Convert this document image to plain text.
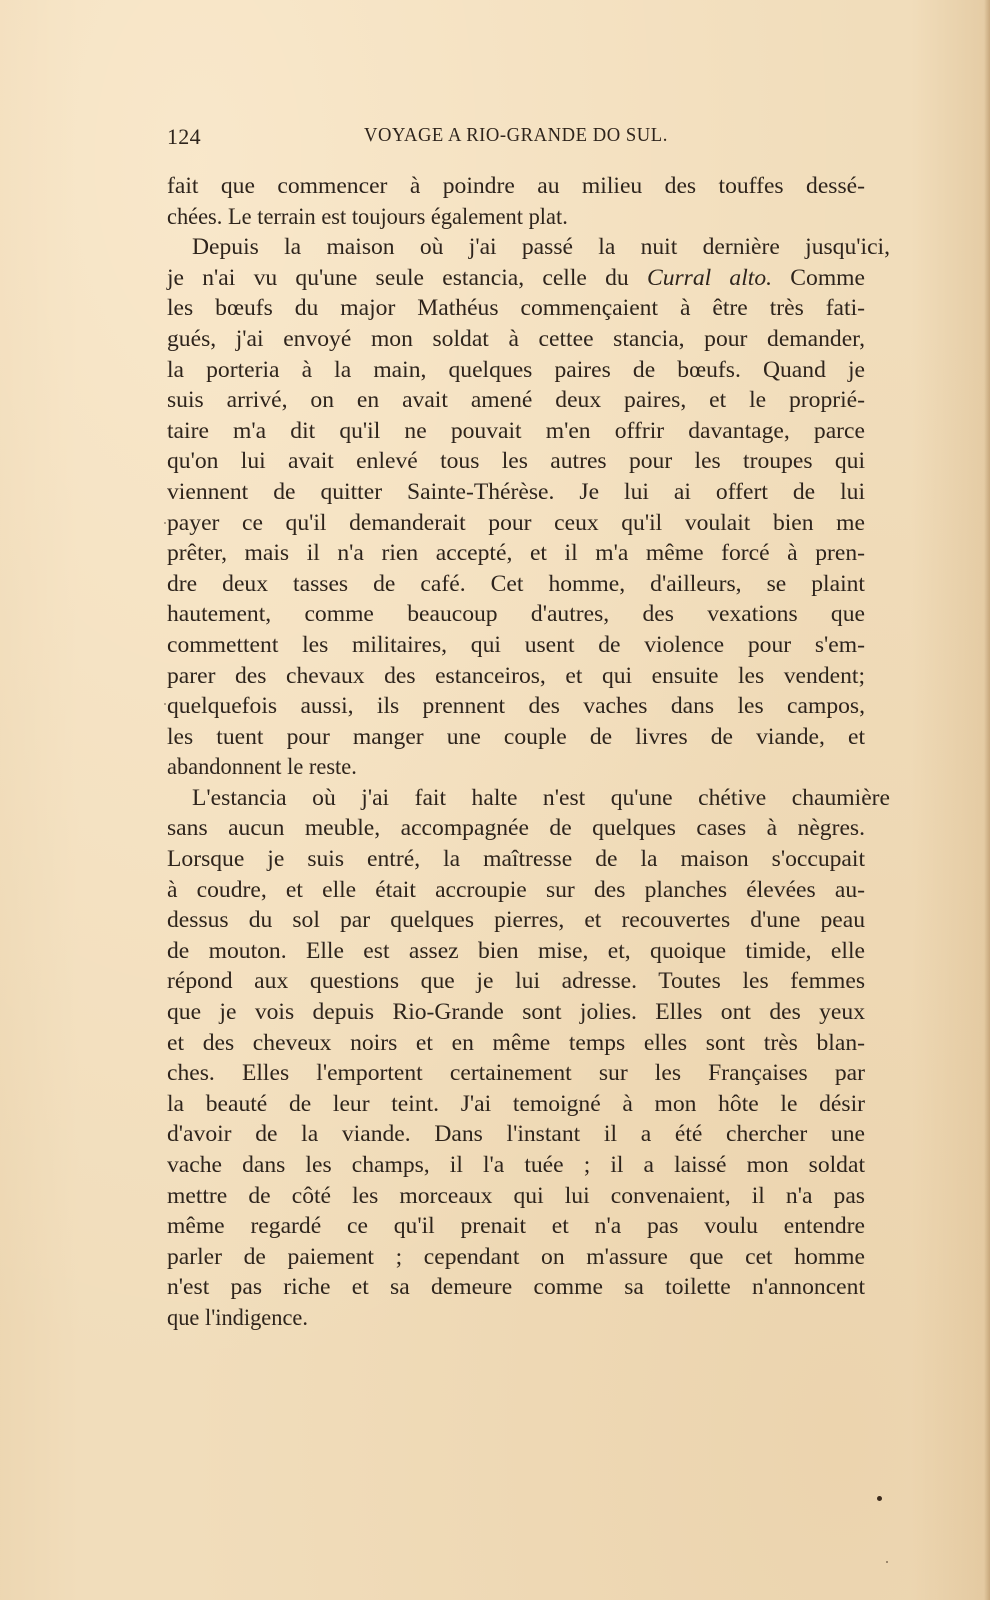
124	VOYAGE A RIO-GRANDE DO SUL.
fait que commencer à poindre au milieu des touffes dessé-
chées. Le terrain est toujours également plat.
Depuis la maison où j'ai passé la nuit dernière jusqu'ici,
je n'ai vu qu'une seule estancia, celle du Curral alto. Comme
les bœufs du major Mathéus commençaient à être très fati-
gués, j'ai envoyé mon soldat à cettee stancia, pour demander,
la porteria à la main, quelques paires de bœufs. Quand je
suis arrivé, on en avait amené deux paires, et le proprié-
taire m'a dit qu'il ne pouvait m'en offrir davantage, parce
qu'on lui avait enlevé tous les autres pour les troupes qui
viennent de quitter Sainte-Thérèse. Je lui ai offert de lui
payer ce qu'il demanderait pour ceux qu'il voulait bien me
prêter, mais il n'a rien accepté, et il m'a même forcé à pren-
dre deux tasses de café. Cet homme, d'ailleurs, se plaint
hautement, comme beaucoup d'autres, des vexations que
commettent les militaires, qui usent de violence pour s'em-
parer des chevaux des estanceiros, et qui ensuite les vendent;
quelquefois aussi, ils prennent des vaches dans les campos,
les tuent pour manger une couple de livres de viande, et
abandonnent le reste.
L'estancia où j'ai fait halte n'est qu'une chétive chaumière
sans aucun meuble, accompagnée de quelques cases à nègres.
Lorsque je suis entré, la maîtresse de la maison s'occupait
à coudre, et elle était accroupie sur des planches élevées au-
dessus du sol par quelques pierres, et recouvertes d'une peau
de mouton. Elle est assez bien mise, et, quoique timide, elle
répond aux questions que je lui adresse. Toutes les femmes
que je vois depuis Rio-Grande sont jolies. Elles ont des yeux
et des cheveux noirs et en même temps elles sont très blan-
ches. Elles l'emportent certainement sur les Françaises par
la beauté de leur teint. J'ai temoigné à mon hôte le désir
d'avoir de la viande. Dans l'instant il a été chercher une
vache dans les champs, il l'a tuée ; il a laissé mon soldat
mettre de côté les morceaux qui lui convenaient, il n'a pas
même regardé ce qu'il prenait et n'a pas voulu entendre
parler de paiement ; cependant on m'assure que cet homme
n'est pas riche et sa demeure comme sa toilette n'annoncent
que l'indigence.
